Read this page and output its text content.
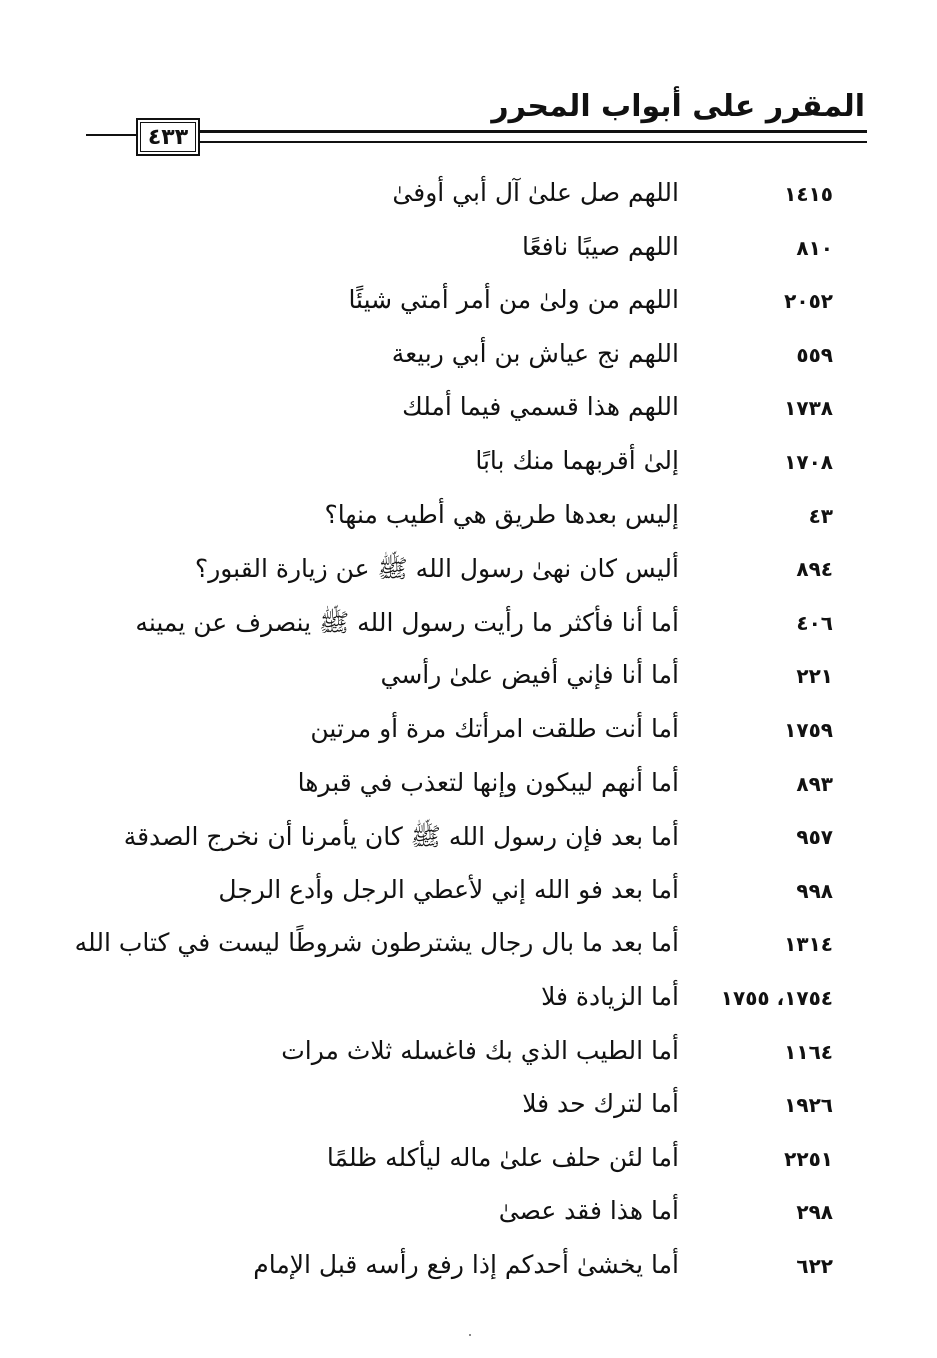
المقرر على أبواب المحرر
٤٣٣
١٤١٥
اللهم صل علىٰ آل أبي أوفىٰ
٨١٠
اللهم صيبًا نافعًا
٢٠٥٢
اللهم من ولىٰ من أمر أمتي شيئًا
٥٥٩
اللهم نج عياش بن أبي ربيعة
١٧٣٨
اللهم هذا قسمي فيما أملك
١٧٠٨
إلىٰ أقربهما منك بابًا
٤٣
إليس بعدها طريق هي أطيب منها؟
٨٩٤
أليس كان نهىٰ رسول الله ﷺ عن زيارة القبور؟
٤٠٦
أما أنا فأكثر ما رأيت رسول الله ﷺ ينصرف عن يمينه
٢٢١
أما أنا فإني أفيض علىٰ رأسي
١٧٥٩
أما أنت طلقت امرأتك مرة أو مرتين
٨٩٣
أما أنهم ليبكون وإنها لتعذب في قبرها
٩٥٧
أما بعد فإن رسول الله ﷺ كان يأمرنا أن نخرج الصدقة
٩٩٨
أما بعد فو الله إني لأعطي الرجل وأدع الرجل
١٣١٤
أما بعد ما بال رجال يشترطون شروطًا ليست في كتاب الله
١٧٥٤، ١٧٥٥
أما الزيادة فلا
١١٦٤
أما الطيب الذي بك فاغسله ثلاث مرات
١٩٢٦
أما لترك حد فلا
٢٢٥١
أما لئن حلف علىٰ ماله ليأكله ظلمًا
٢٩٨
أما هذا فقد عصىٰ
٦٢٢
أما يخشىٰ أحدكم إذا رفع رأسه قبل الإمام
